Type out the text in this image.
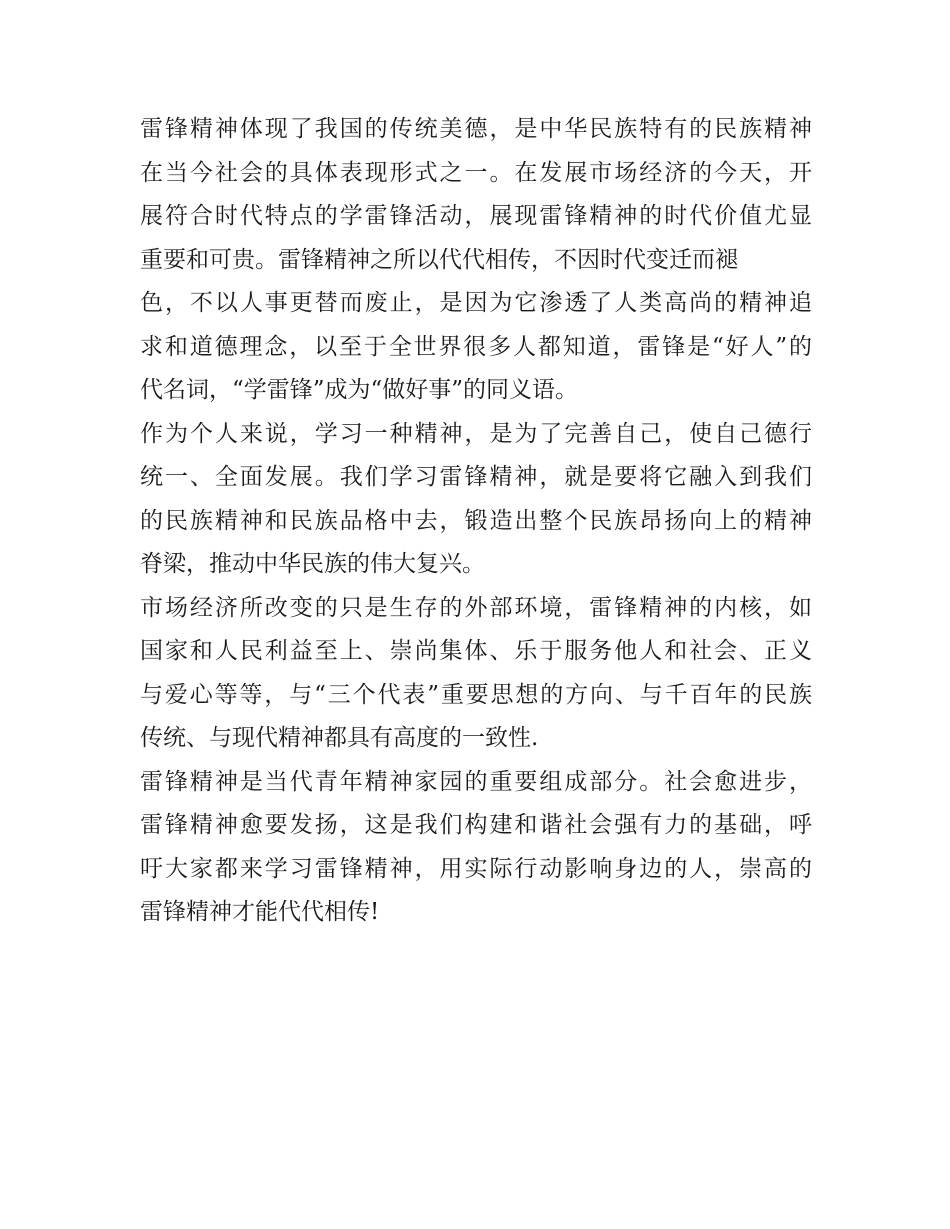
雷锋精神体现了我国的传统美德，是中华民族特有的民族精神
在当今社会的具体表现形式之一。在发展市场经济的今天，开
展符合时代特点的学雷锋活动，展现雷锋精神的时代价值尤显
重要和可贵。雷锋精神之所以代代相传，不因时代变迁而褪
色，不以人事更替而废止，是因为它渗透了人类高尚的精神追
求和道德理念，以至于全世界很多人都知道，雷锋是“好人”的
代名词，“学雷锋”成为“做好事”的同义语。
作为个人来说，学习一种精神，是为了完善自己，使自己德行
统一、全面发展。我们学习雷锋精神，就是要将它融入到我们
的民族精神和民族品格中去，锻造出整个民族昂扬向上的精神
脊梁，推动中华民族的伟大复兴。
市场经济所改变的只是生存的外部环境，雷锋精神的内核，如
国家和人民利益至上、崇尚集体、乐于服务他人和社会、正义
与爱心等等，与“三个代表”重要思想的方向、与千百年的民族
传统、与现代精神都具有高度的一致性.
雷锋精神是当代青年精神家园的重要组成部分。社会愈进步，
雷锋精神愈要发扬，这是我们构建和谐社会强有力的基础，呼
吁大家都来学习雷锋精神，用实际行动影响身边的人，崇高的
雷锋精神才能代代相传!
